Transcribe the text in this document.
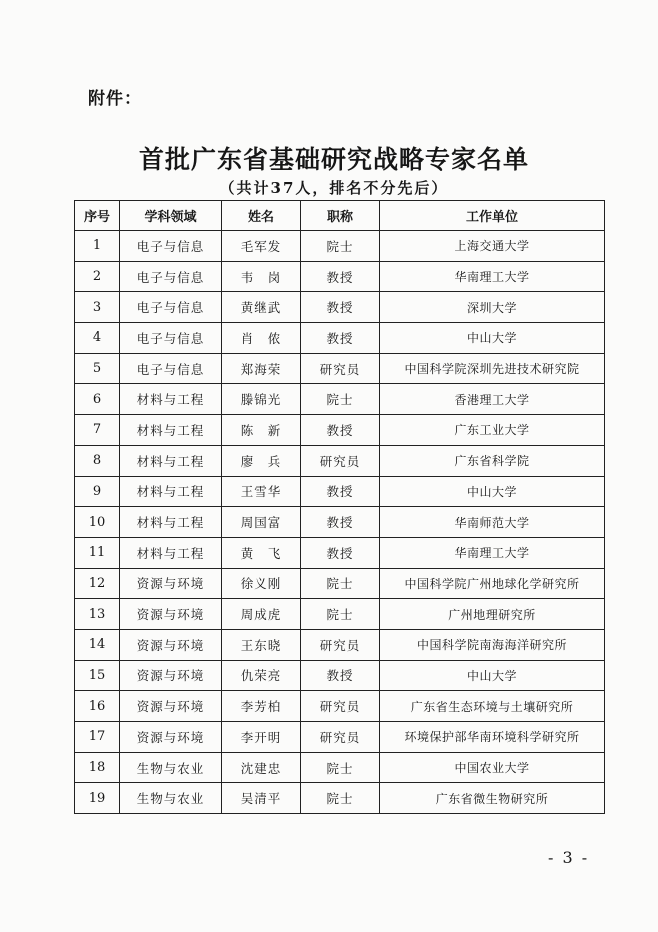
附件：
首批广东省基础研究战略专家名单
（共计37人，排名不分先后）
序号	学科领域	姓名	职称	工作单位
1	电子与信息	毛军发	院士	上海交通大学
2	电子与信息	韦　岗	教授	华南理工大学
3	电子与信息	黄继武	教授	深圳大学
4	电子与信息	肖　侬	教授	中山大学
5	电子与信息	郑海荣	研究员	中国科学院深圳先进技术研究院
6	材料与工程	滕锦光	院士	香港理工大学
7	材料与工程	陈　新	教授	广东工业大学
8	材料与工程	廖　兵	研究员	广东省科学院
9	材料与工程	王雪华	教授	中山大学
10	材料与工程	周国富	教授	华南师范大学
11	材料与工程	黄　飞	教授	华南理工大学
12	资源与环境	徐义刚	院士	中国科学院广州地球化学研究所
13	资源与环境	周成虎	院士	广州地理研究所
14	资源与环境	王东晓	研究员	中国科学院南海海洋研究所
15	资源与环境	仇荣亮	教授	中山大学
16	资源与环境	李芳柏	研究员	广东省生态环境与土壤研究所
17	资源与环境	李开明	研究员	环境保护部华南环境科学研究所
18	生物与农业	沈建忠	院士	中国农业大学
19	生物与农业	吴清平	院士	广东省微生物研究所
- 3 -
